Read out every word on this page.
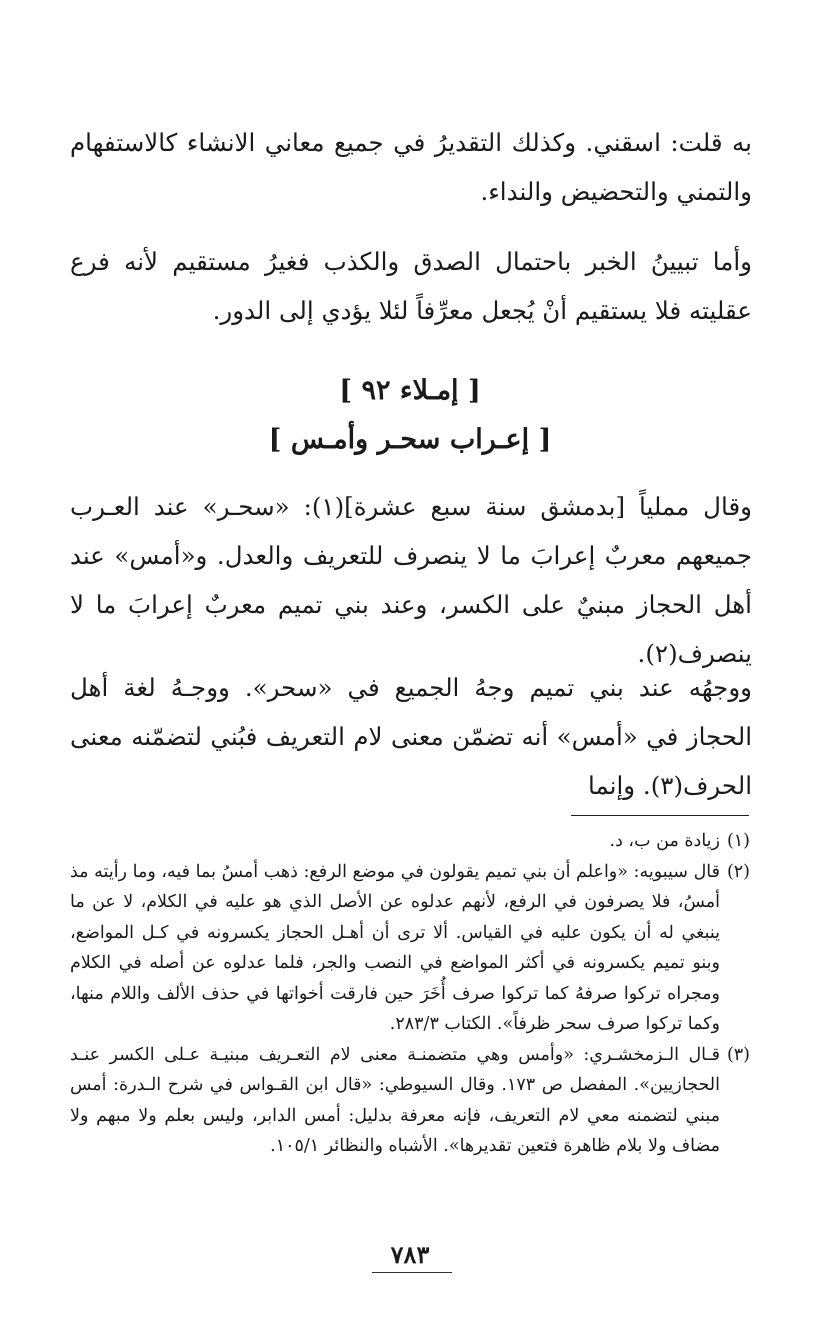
به قلت: اسقني. وكذلك التقديرُ في جميع معاني الانشاء كالاستفهام والتمني والتحضيض والنداء.

وأما تبيينُ الخبر باحتمال الصدق والكذب فغيرُ مستقيم لأنه فرع عقليته فلا يستقيم أنْ يُجعل معرِّفاً لئلا يؤدي إلى الدور.

[ إمـلاء ٩٢ ]
[ إعـراب سحـر وأمـس ]

وقال مملياً [بدمشق سنة سبع عشرة](١): «سحـر» عند العـرب جميعهم معربٌ إعرابَ ما لا ينصرف للتعريف والعدل. و«أمس» عند أهل الحجاز مبنيٌ على الكسر، وعند بني تميم معربٌ إعرابَ ما لا ينصرف(٢).

ووجهُه عند بني تميم وجهُ الجميع في «سحر». ووجـهُ لغة أهل الحجاز في «أمس» أنه تضمّن معنى لام التعريف فبُني لتضمّنه معنى الحرف(٣). وإنما

(١)
زيادة من ب، د.
(٢)
قال سيبويه: «واعلم أن بني تميم يقولون في موضع الرفع: ذهب أمسُ بما فيه، وما رأيته مذ أمسُ، فلا يصرفون في الرفع، لأنهم عدلوه عن الأصل الذي هو عليه في الكلام، لا عن ما ينبغي له أن يكون عليه في القياس. ألا ترى أن أهـل الحجاز يكسرونه في كـل المواضع، وبنو تميم يكسرونه في أكثر المواضع في النصب والجر، فلما عدلوه عن أصله في الكلام ومجراه تركوا صرفهُ كما تركوا صرف أُخَرَ حين فارقت أخواتها في حذف الألف واللام منها، وكما تركوا صرف سحر ظرفاً». الكتاب ٢٨٣/٣.
(٣)
قـال الـزمخشـري: «وأمس وهي متضمنـة معنى لام التعـريف مبنيـة عـلى الكسر عنـد الحجازيين». المفصل ص ١٧٣. وقال السيوطي: «قال ابن القـواس في شرح الـدرة: أمس مبني لتضمنه معي لام التعريف، فإنه معرفة بدليل: أمس الدابر، وليس بعلم ولا مبهم ولا مضاف ولا بلام ظاهرة فتعين تقديرها». الأشباه والنظائر ١٠٥/١.
٧٨٣
